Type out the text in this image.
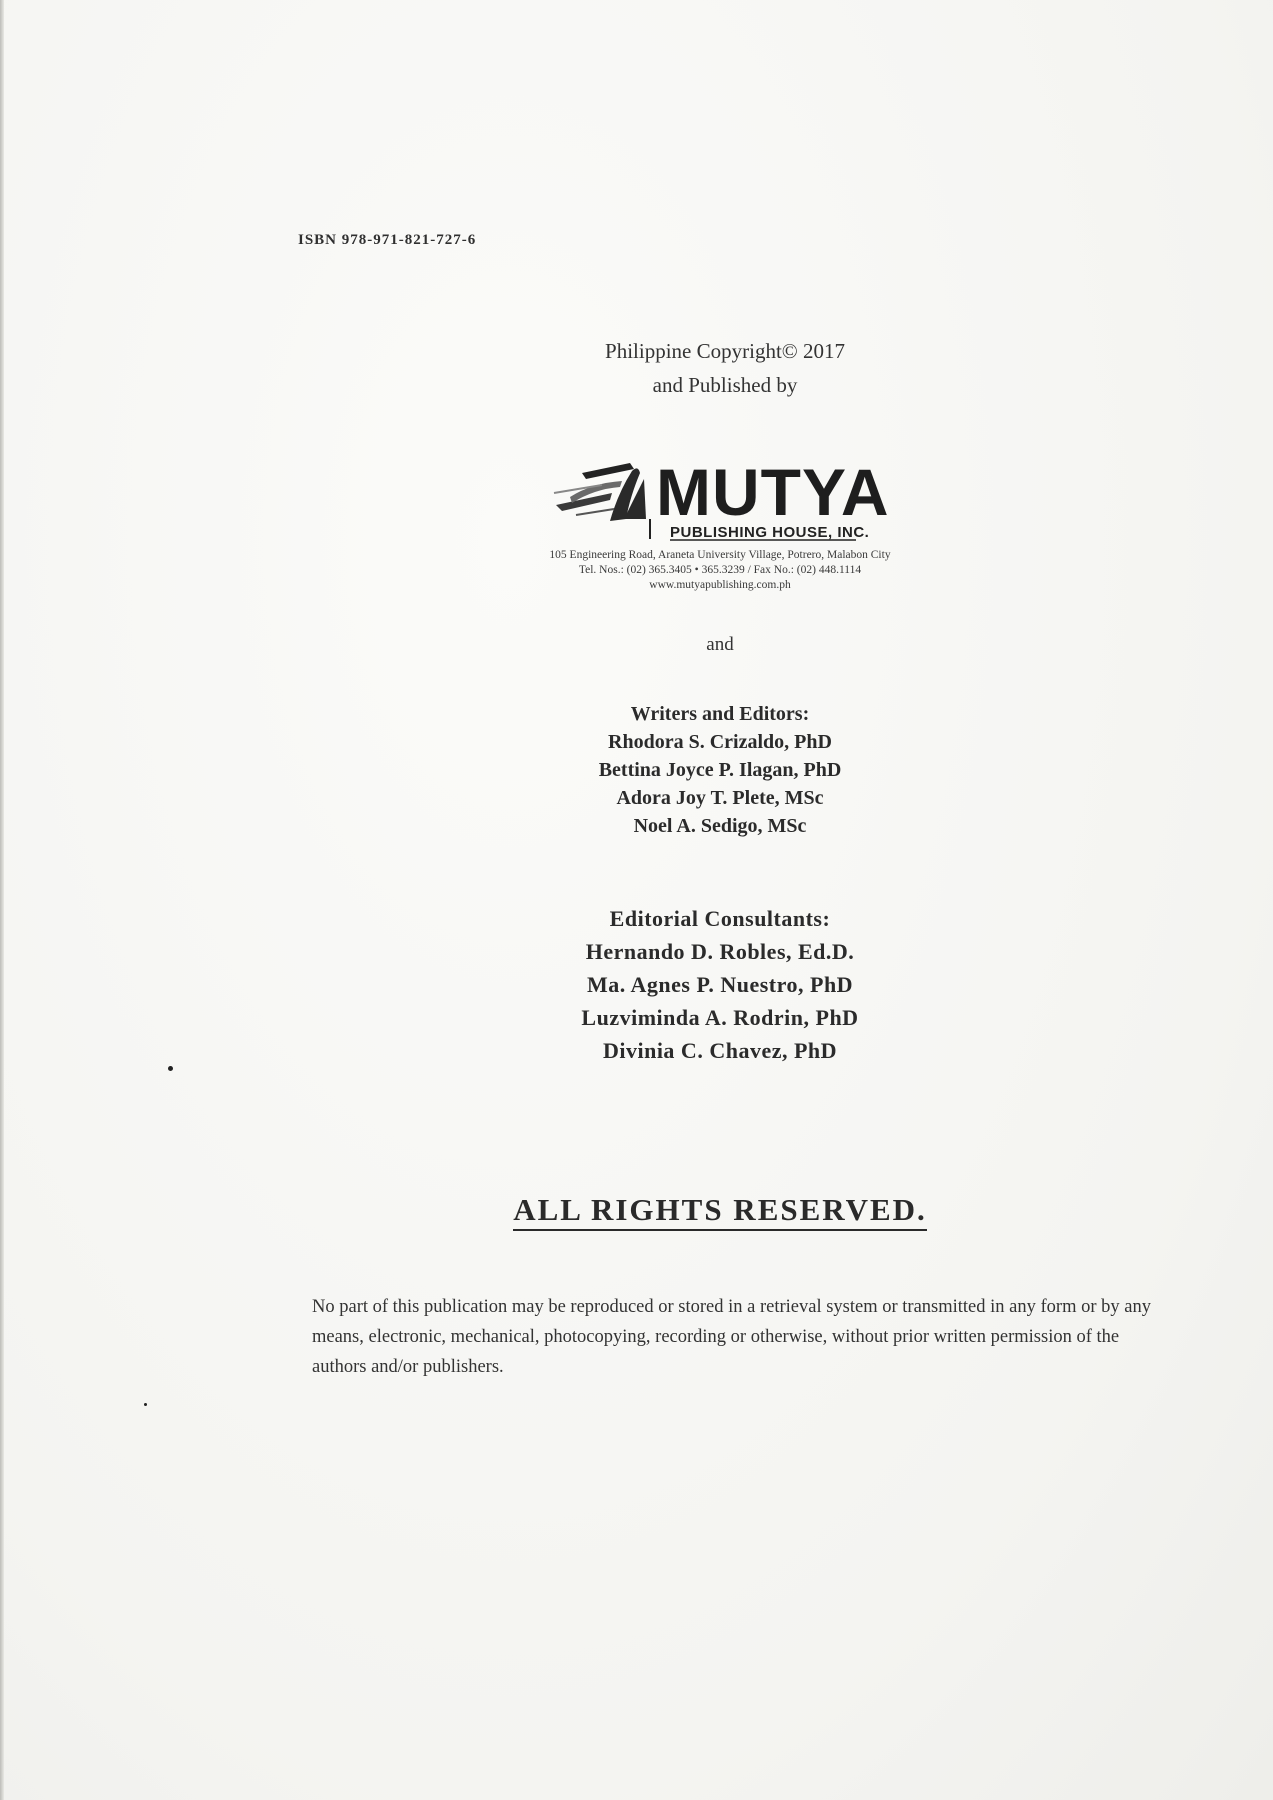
ISBN 978-971-821-727-6
Philippine Copyright© 2017
and Published by
MUTYA
PUBLISHING HOUSE, INC.
105 Engineering Road, Araneta University Village, Potrero, Malabon City
Tel. Nos.: (02) 365.3405 • 365.3239 / Fax No.: (02) 448.1114
www.mutyapublishing.com.ph
and
Writers and Editors:
Rhodora S. Crizaldo, PhD
Bettina Joyce P. Ilagan, PhD
Adora Joy T. Plete, MSc
Noel A. Sedigo, MSc
Editorial Consultants:
Hernando D. Robles, Ed.D.
Ma. Agnes P. Nuestro, PhD
Luzviminda A. Rodrin, PhD
Divinia C. Chavez, PhD
ALL RIGHTS RESERVED.

No part of this publication may be reproduced or stored in a retrieval system or transmitted in any form or by any means, electronic, mechanical, photocopying, recording or otherwise, without prior written permission of the authors and/or publishers.
